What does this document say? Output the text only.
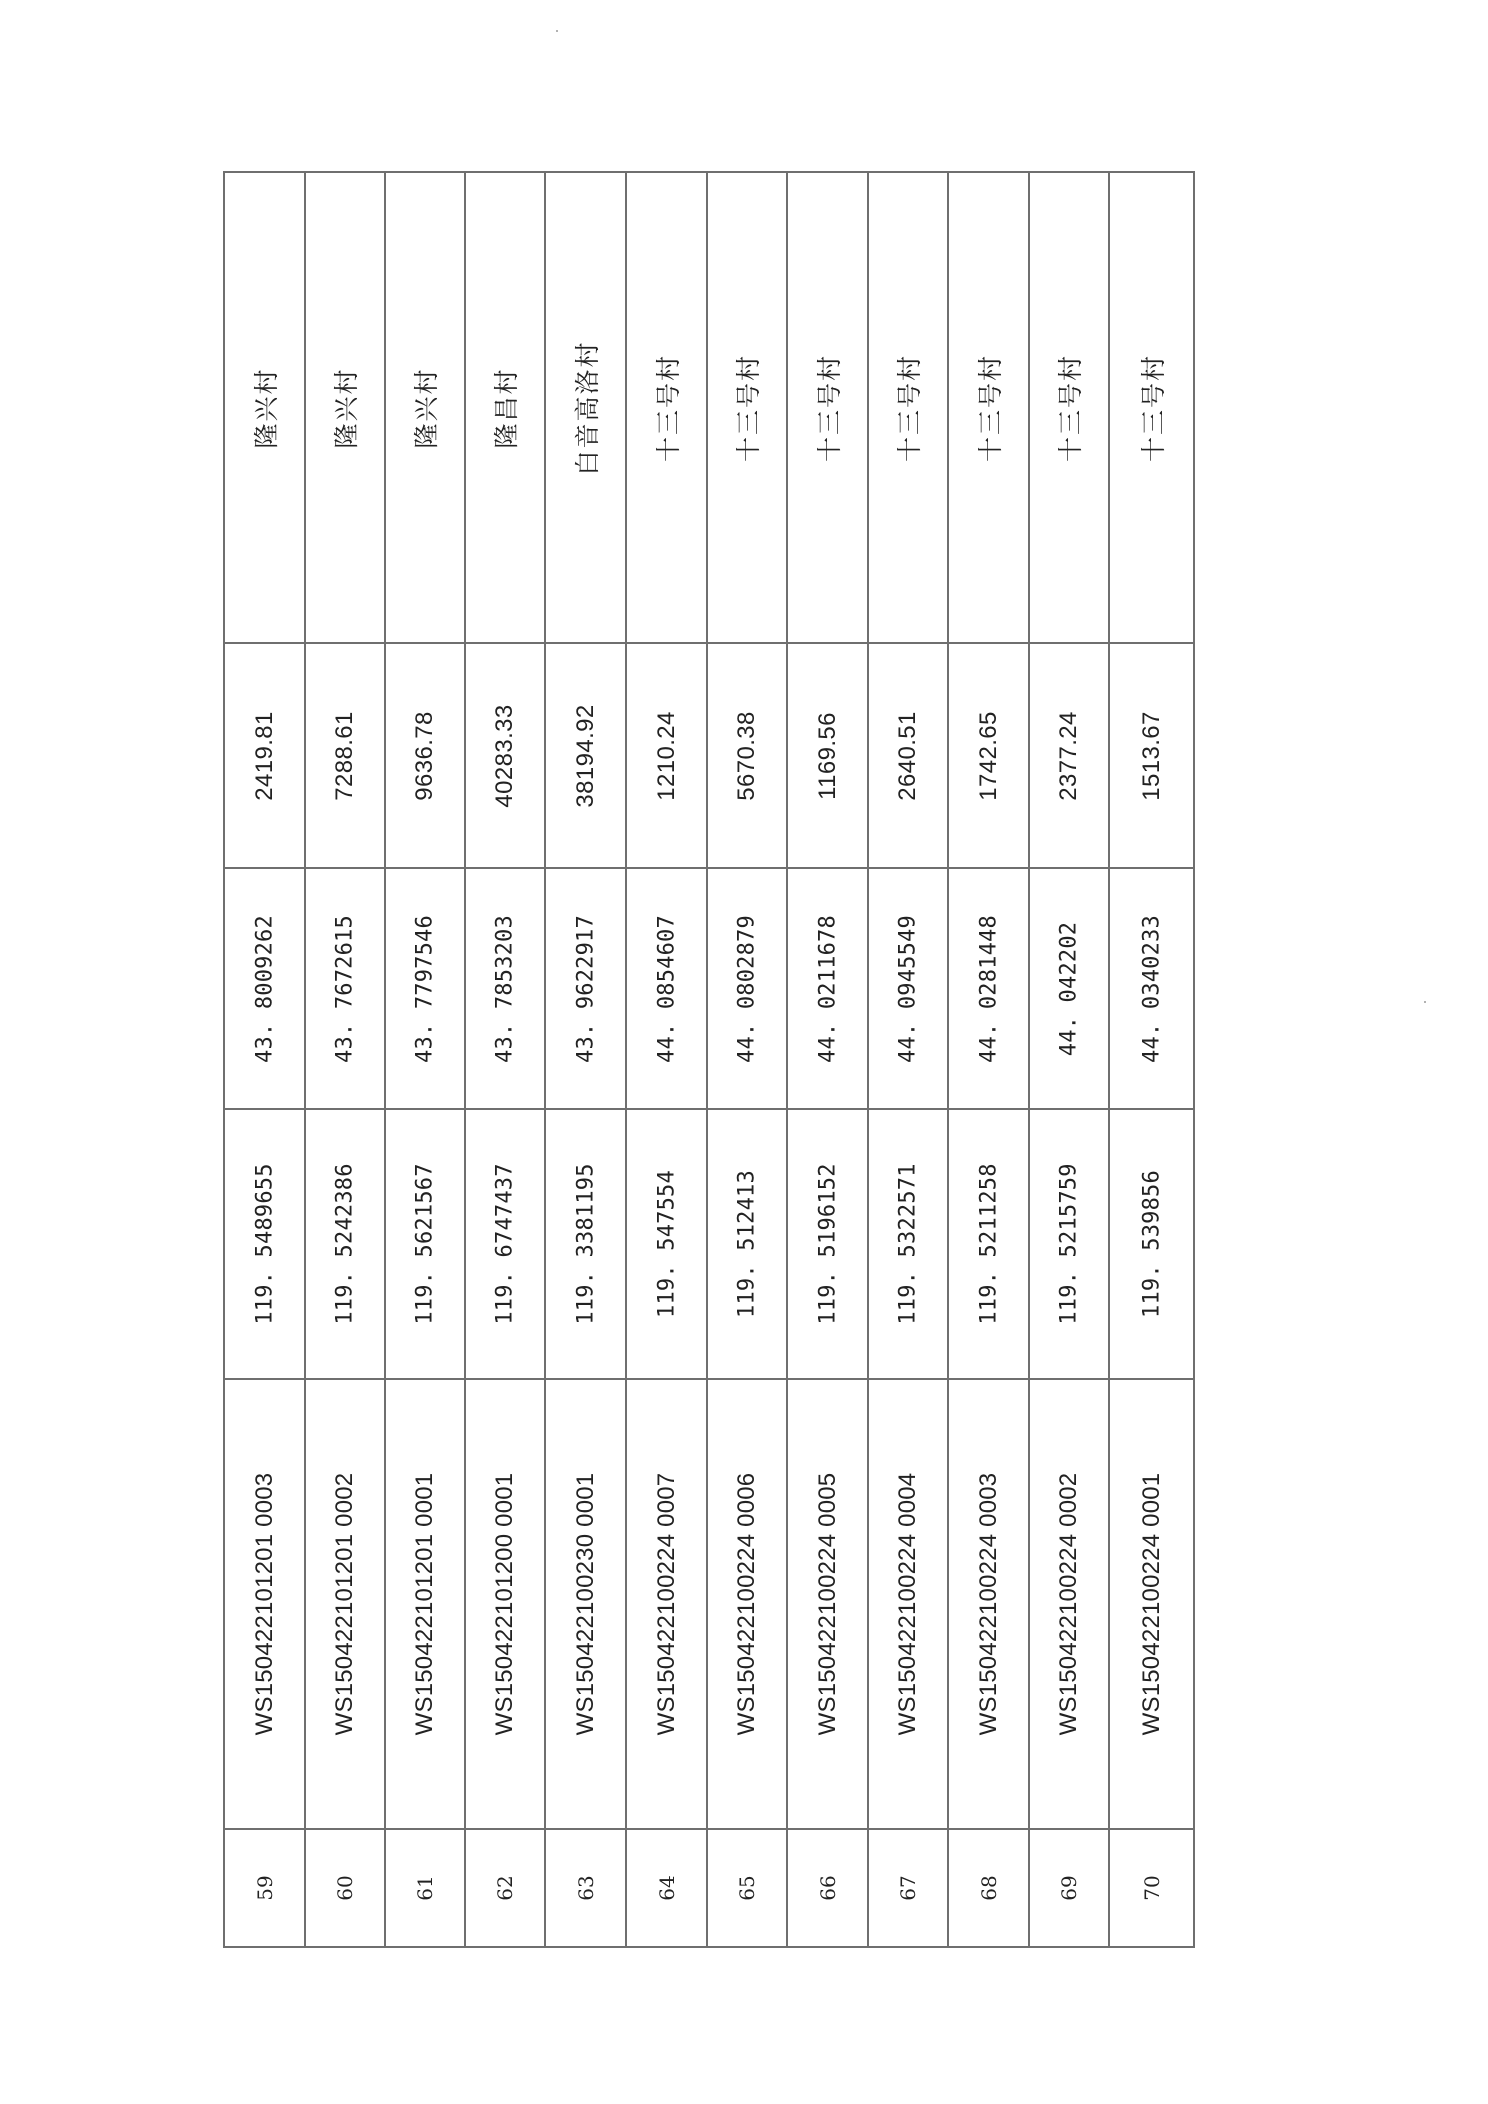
隆兴村
2419.81
43. 8009262
119. 5489655
WS150422101201 0003
59
隆兴村
7288.61
43. 7672615
119. 5242386
WS150422101201 0002
60
隆兴村
9636.78
43. 7797546
119. 5621567
WS150422101201 0001
61
隆昌村
40283.33
43. 7853203
119. 6747437
WS150422101200 0001
62
白音高洛村
38194.92
43. 9622917
119. 3381195
WS150422100230 0001
63
十三号村
1210.24
44. 0854607
119. 547554
WS150422100224 0007
64
十三号村
5670.38
44. 0802879
119. 512413
WS150422100224 0006
65
十三号村
1169.56
44. 0211678
119. 5196152
WS150422100224 0005
66
十三号村
2640.51
44. 0945549
119. 5322571
WS150422100224 0004
67
十三号村
1742.65
44. 0281448
119. 5211258
WS150422100224 0003
68
十三号村
2377.24
44. 042202
119. 5215759
WS150422100224 0002
69
十三号村
1513.67
44. 0340233
119. 539856
WS150422100224 0001
70
